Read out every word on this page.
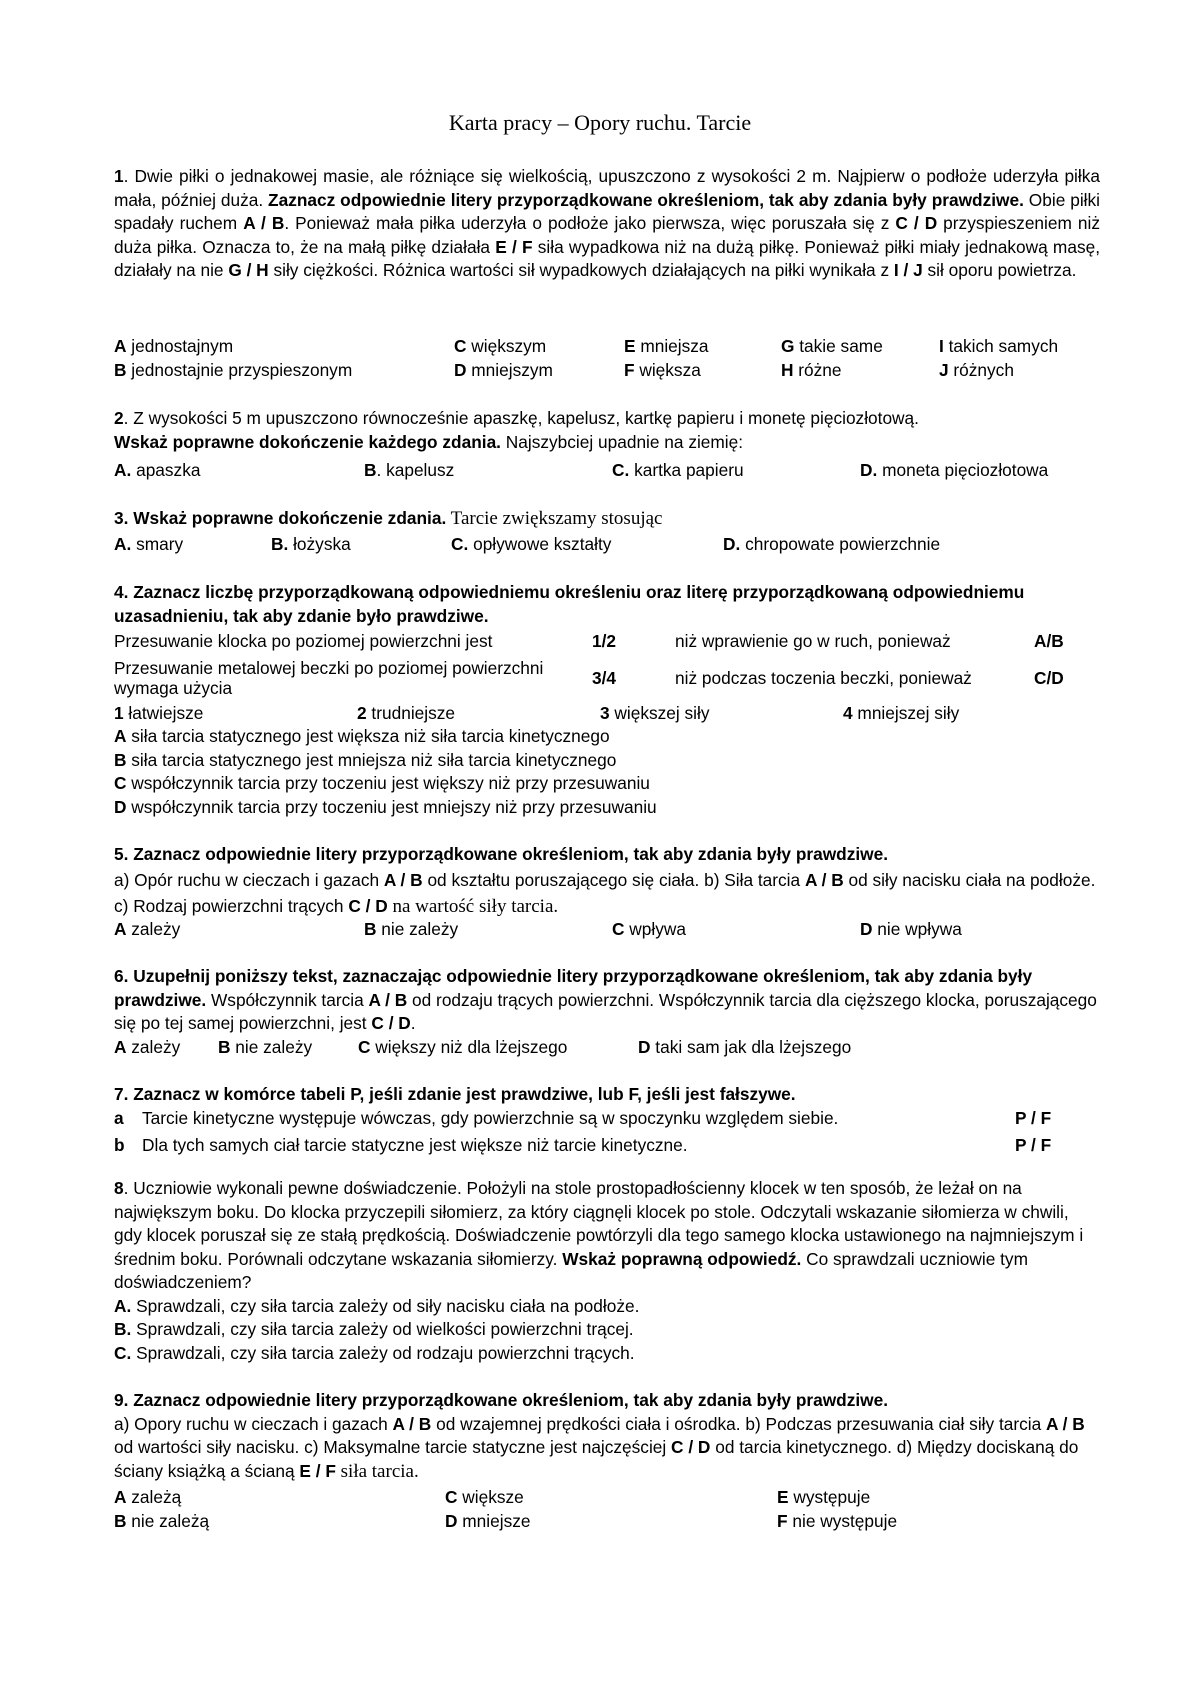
Karta pracy – Opory ruchu. Tarcie
1. Dwie piłki o jednakowej masie, ale różniące się wielkością, upuszczono z wysokości 2 m. Najpierw o podłoże uderzyła piłka mała, później duża. Zaznacz odpowiednie litery przyporządkowane określeniom, tak aby zdania były prawdziwe. Obie piłki spadały ruchem A / B. Ponieważ mała piłka uderzyła o podłoże jako pierwsza, więc poruszała się z C / D przyspieszeniem niż duża piłka. Oznacza to, że na małą piłkę działała E / F siła wypadkowa niż na dużą piłkę. Ponieważ piłki miały jednakową masę, działały na nie G / H siły ciężkości. Różnica wartości sił wypadkowych działających na piłki wynikała z I / J sił oporu powietrza.
A jednostajnym	C większym	E mniejsza	G takie same	I takich samych
B jednostajnie przyspieszonym	D mniejszym	F większa	H różne	J różnych
2. Z wysokości 5 m upuszczono równocześnie apaszkę, kapelusz, kartkę papieru i monetę pięciozłotową.
Wskaż poprawne dokończenie każdego zdania. Najszybciej upadnie na ziemię:
A. apaszka	B. kapelusz	C. kartka papieru	D. moneta pięciozłotowa
3. Wskaż poprawne dokończenie zdania. Tarcie zwiększamy stosując
A. smary	B. łożyska	C. opływowe kształty	D. chropowate powierzchnie
4. Zaznacz liczbę przyporządkowaną odpowiedniemu określeniu oraz literę przyporządkowaną odpowiedniemu uzasadnieniu, tak aby zdanie było prawdziwe.
Przesuwanie klocka po poziomej powierzchni jest	1/2	niż wprawienie go w ruch, ponieważ	A/B
Przesuwanie metalowej beczki po poziomej powierzchni wymaga użycia	3/4	niż podczas toczenia beczki, ponieważ	C/D
1 łatwiejsze	2 trudniejsze	3 większej siły	4 mniejszej siły
A siła tarcia statycznego jest większa niż siła tarcia kinetycznego
B siła tarcia statycznego jest mniejsza niż siła tarcia kinetycznego
C współczynnik tarcia przy toczeniu jest większy niż przy przesuwaniu
D współczynnik tarcia przy toczeniu jest mniejszy niż przy przesuwaniu
5. Zaznacz odpowiednie litery przyporządkowane określeniom, tak aby zdania były prawdziwe.
a) Opór ruchu w cieczach i gazach A / B od kształtu poruszającego się ciała. b) Siła tarcia A / B od siły nacisku ciała na podłoże. c) Rodzaj powierzchni trących C / D na wartość siły tarcia.
A zależy	B nie zależy	C wpływa	D nie wpływa
6. Uzupełnij poniższy tekst, zaznaczając odpowiednie litery przyporządkowane określeniom, tak aby zdania były prawdziwe. Współczynnik tarcia A / B od rodzaju trących powierzchni. Współczynnik tarcia dla cięższego klocka, poruszającego się po tej samej powierzchni, jest C / D.
A zależy	B nie zależy	C większy niż dla lżejszego	D taki sam jak dla lżejszego
7. Zaznacz w komórce tabeli P, jeśli zdanie jest prawdziwe, lub F, jeśli jest fałszywe.
a	Tarcie kinetyczne występuje wówczas, gdy powierzchnie są w spoczynku względem siebie.	P / F
b	Dla tych samych ciał tarcie statyczne jest większe niż tarcie kinetyczne.	P / F
8. Uczniowie wykonali pewne doświadczenie. Położyli na stole prostopadłościenny klocek w ten sposób, że leżał on na największym boku. Do klocka przyczepili siłomierz, za który ciągnęli klocek po stole. Odczytali wskazanie siłomierza w chwili, gdy klocek poruszał się ze stałą prędkością. Doświadczenie powtórzyli dla tego samego klocka ustawionego na najmniejszym i średnim boku. Porównali odczytane wskazania siłomierzy. Wskaż poprawną odpowiedź. Co sprawdzali uczniowie tym doświadczeniem?
A. Sprawdzali, czy siła tarcia zależy od siły nacisku ciała na podłoże.
B. Sprawdzali, czy siła tarcia zależy od wielkości powierzchni trącej.
C. Sprawdzali, czy siła tarcia zależy od rodzaju powierzchni trących.
9. Zaznacz odpowiednie litery przyporządkowane określeniom, tak aby zdania były prawdziwe.
a) Opory ruchu w cieczach i gazach A / B od wzajemnej prędkości ciała i ośrodka. b) Podczas przesuwania ciał siły tarcia A / B od wartości siły nacisku. c) Maksymalne tarcie statyczne jest najczęściej C / D od tarcia kinetycznego. d) Między dociskaną do ściany książką a ścianą E / F siła tarcia.
A zależą	C większe	E występuje
B nie zależą	D mniejsze	F nie występuje
